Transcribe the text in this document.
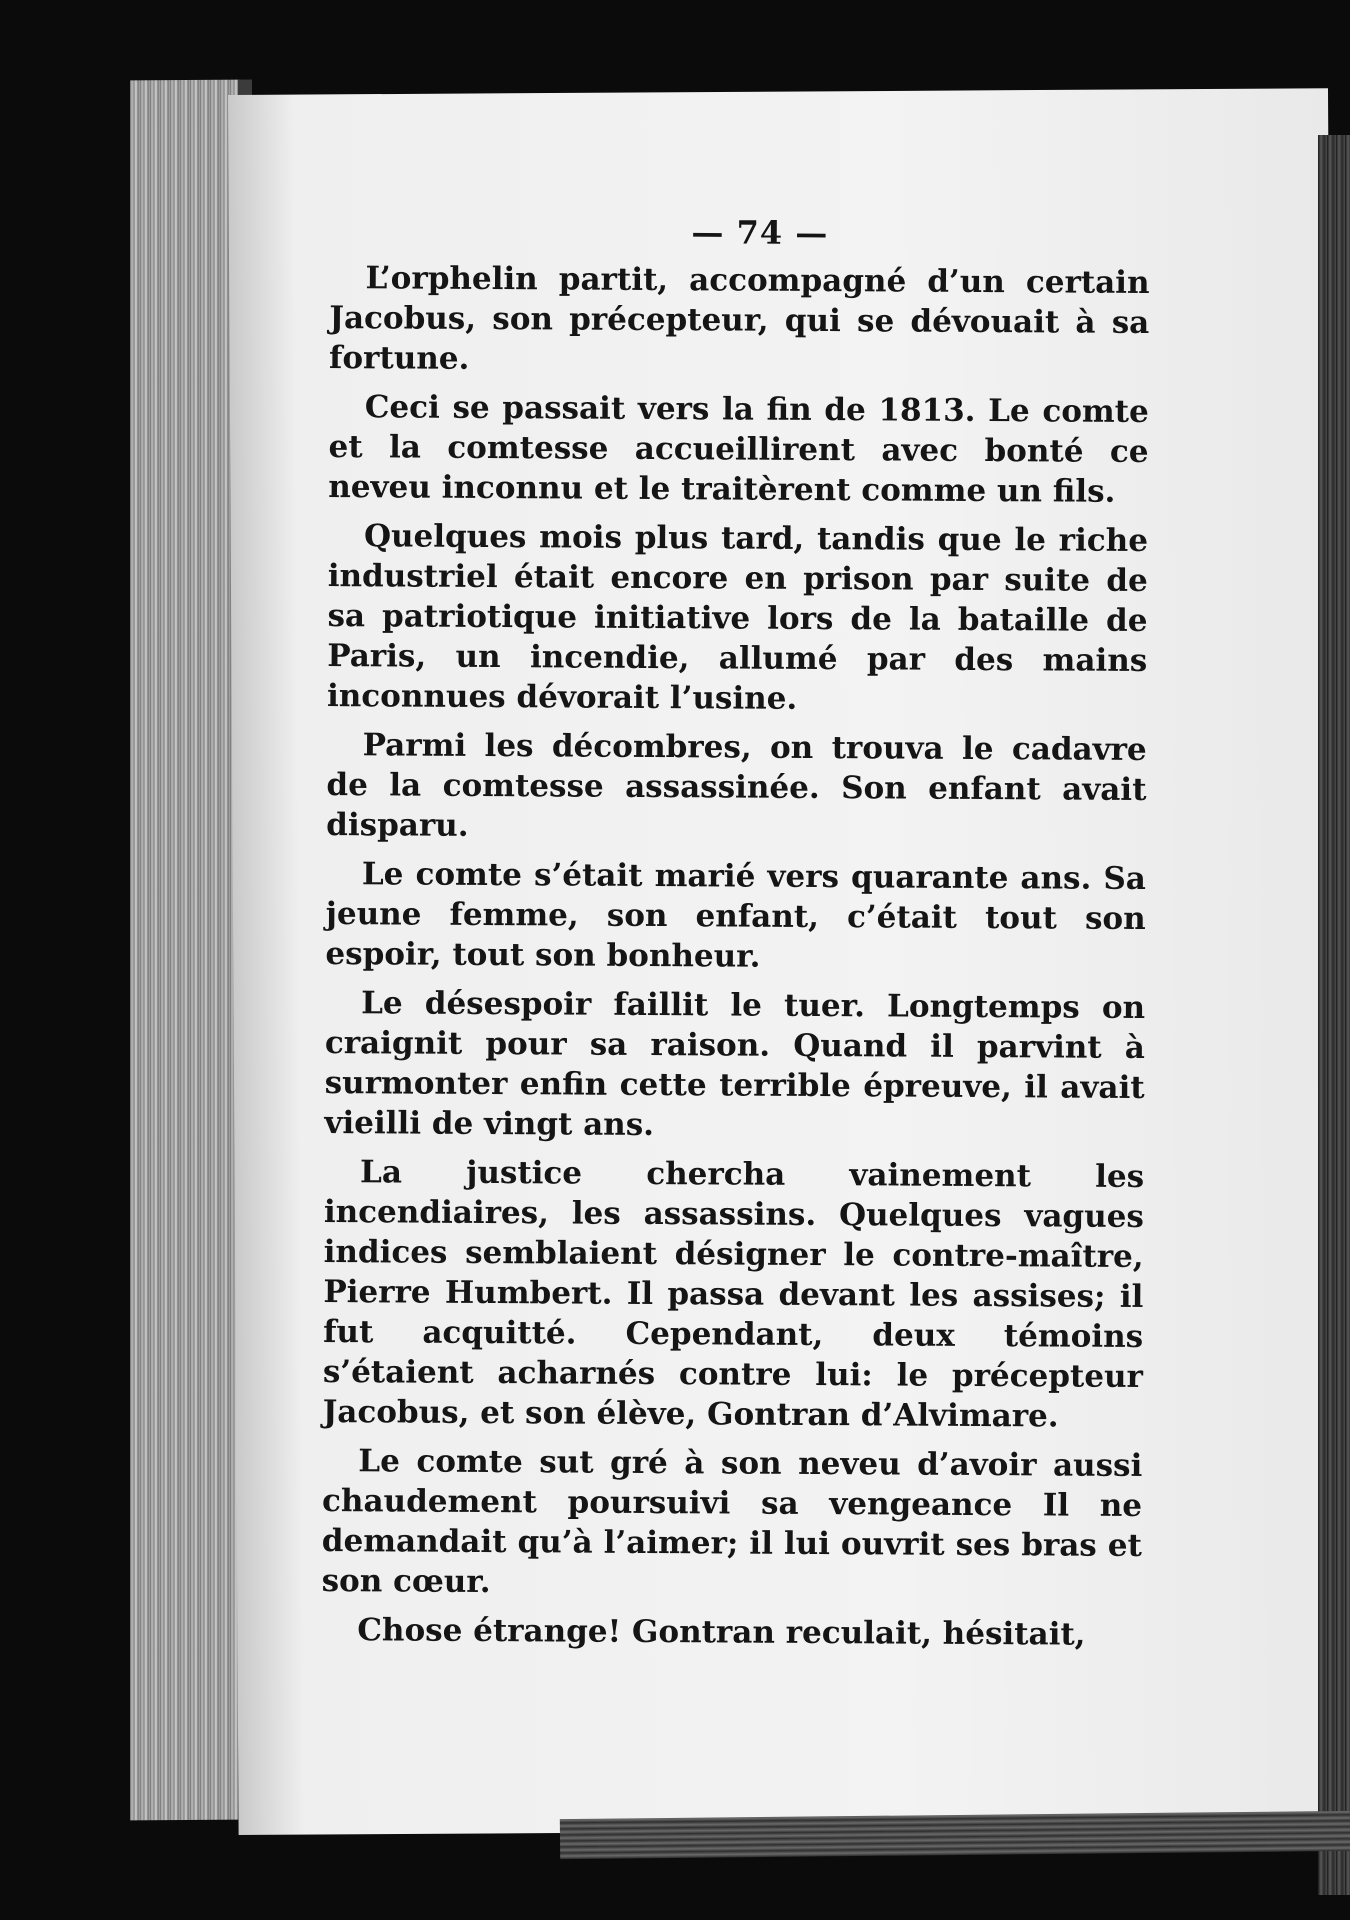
— 74 —

L’orphelin partit, accompagné d’un certain Jacobus, son précepteur, qui se dévouait à sa fortune.

Ceci se passait vers la fin de 1813. Le comte et la comtesse accueillirent avec bonté ce neveu inconnu et le traitèrent comme un fils.

Quelques mois plus tard, tandis que le riche industriel était encore en prison par suite de sa patriotique initiative lors de la bataille de Paris, un incendie, allumé par des mains inconnues dévorait l’usine.

Parmi les décombres, on trouva le cadavre de la comtesse assassinée. Son enfant avait disparu.

Le comte s’était marié vers quarante ans. Sa jeune femme, son enfant, c’était tout son espoir, tout son bonheur.

Le désespoir faillit le tuer. Longtemps on craignit pour sa raison. Quand il parvint à surmonter enfin cette terrible épreuve, il avait vieilli de vingt ans.

La justice chercha vainement les incendiaires, les assassins. Quelques vagues indices semblaient désigner le contre-maître, Pierre Humbert. Il passa devant les assises; il fut acquitté. Cependant, deux témoins s’étaient acharnés contre lui: le précepteur Jacobus, et son élève, Gontran d’Alvimare.

Le comte sut gré à son neveu d’avoir aussi chaudement poursuivi sa vengeance Il ne demandait qu’à l’aimer; il lui ouvrit ses bras et son cœur.

Chose étrange! Gontran reculait, hésitait,
